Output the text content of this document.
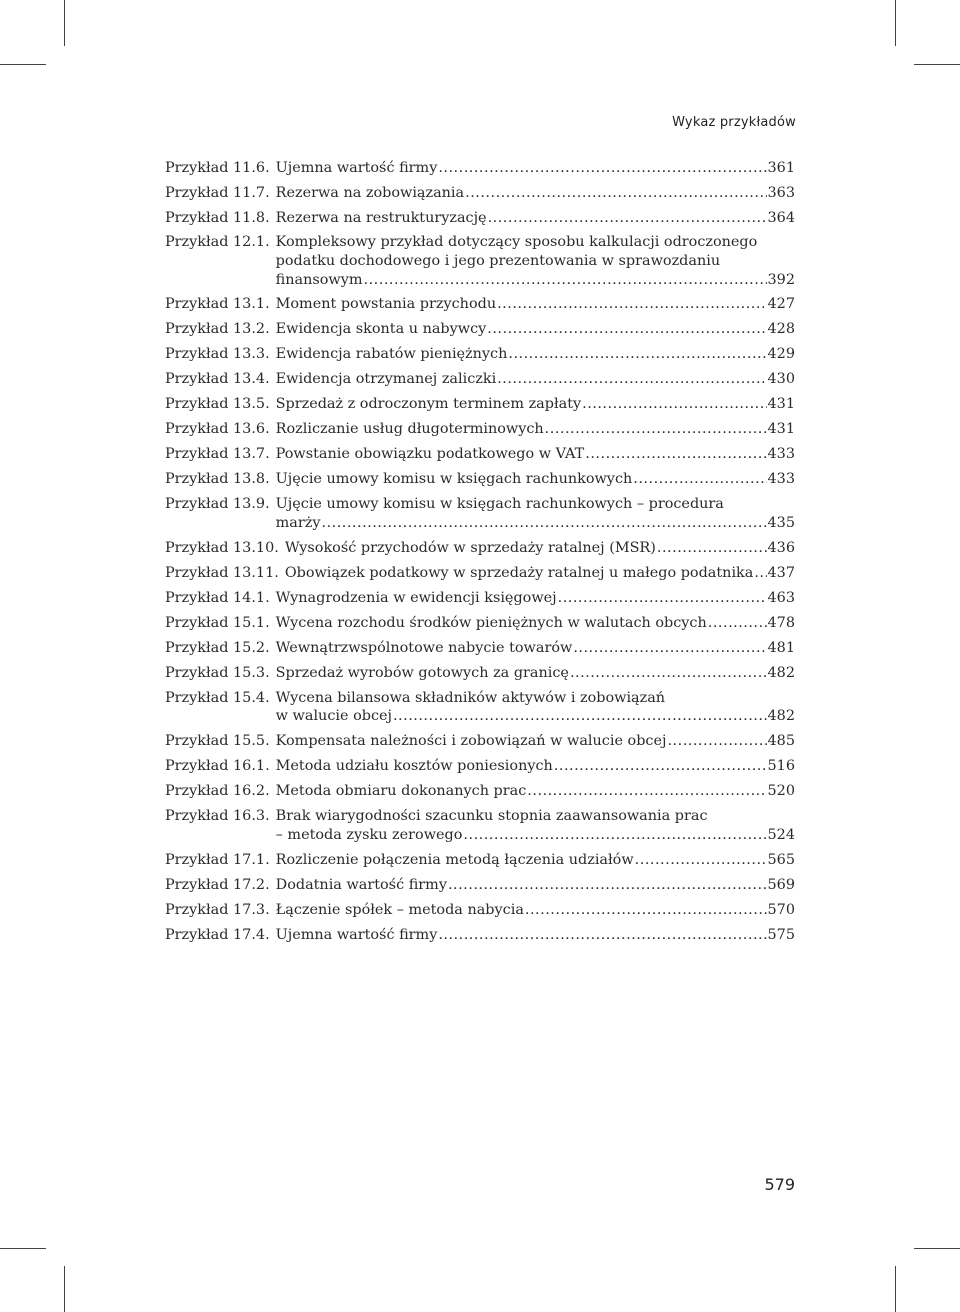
Wykaz przykładów
Przykład 11.6. Ujemna wartość firmy .....	361
Przykład 11.7. Rezerwa na zobowiązania .....	363
Przykład 11.8. Rezerwa na restrukturyzację .....	364
Przykład 12.1. Kompleksowy przykład dotyczący sposobu kalkulacji odroczonego
podatku dochodowego i jego prezentowania w sprawozdaniu
finansowym .....	392
Przykład 13.1. Moment powstania przychodu .....	427
Przykład 13.2. Ewidencja skonta u nabywcy .....	428
Przykład 13.3. Ewidencja rabatów pieniężnych .....	429
Przykład 13.4. Ewidencja otrzymanej zaliczki .....	430
Przykład 13.5. Sprzedaż z odroczonym terminem zapłaty .....	431
Przykład 13.6. Rozliczanie usług długoterminowych .....	431
Przykład 13.7. Powstanie obowiązku podatkowego w VAT .....	433
Przykład 13.8. Ujęcie umowy komisu w księgach rachunkowych .....	433
Przykład 13.9. Ujęcie umowy komisu w księgach rachunkowych – procedura
marży .....	435
Przykład 13.10. Wysokość przychodów w sprzedaży ratalnej (MSR) .....	436
Przykład 13.11. Obowiązek podatkowy w sprzedaży ratalnej u małego podatnika ..... 437
Przykład 14.1. Wynagrodzenia w ewidencji księgowej .....	463
Przykład 15.1. Wycena rozchodu środków pieniężnych w walutach obcych .....	478
Przykład 15.2. Wewnątrzwspólnotowe nabycie towarów .....	481
Przykład 15.3. Sprzedaż wyrobów gotowych za granicę .....	482
Przykład 15.4. Wycena bilansowa składników aktywów i zobowiązań
w walucie obcej .....	482
Przykład 15.5. Kompensata należności i zobowiązań w walucie obcej .....	485
Przykład 16.1. Metoda udziału kosztów poniesionych .....	516
Przykład 16.2. Metoda obmiaru dokonanych prac .....	520
Przykład 16.3. Brak wiarygodności szacunku stopnia zaawansowania prac
– metoda zysku zerowego .....	524
Przykład 17.1. Rozliczenie połączenia metodą łączenia udziałów .....	565
Przykład 17.2. Dodatnia wartość firmy .....	569
Przykład 17.3. Łączenie spółek – metoda nabycia .....	570
Przykład 17.4. Ujemna wartość firmy .....	575
579
